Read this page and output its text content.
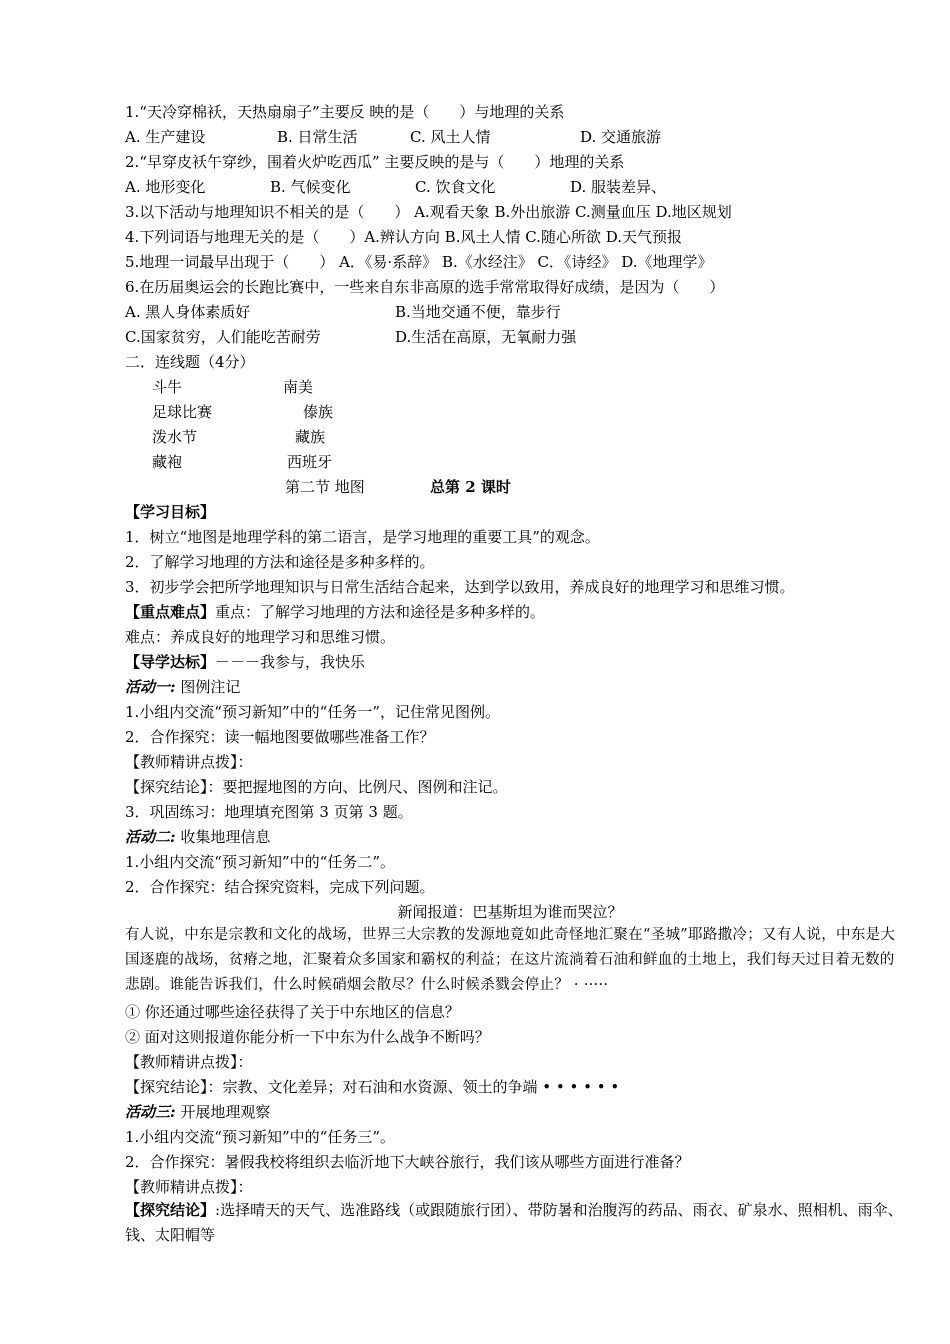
1.“天冷穿棉袄，天热扇扇子”主要反 映的是（　　）与地理的关系
A. 生产建设	B. 日常生活	C. 风土人情	D. 交通旅游
2.“早穿皮袄午穿纱，围着火炉吃西瓜” 主要反映的是与（　　）地理的关系
A. 地形变化	B. 气候变化	C. 饮食文化	D. 服装差异、
3.以下活动与地理知识不相关的是（　　） A.观看天象 B.外出旅游 C.测量血压 D.地区规划
4.下列词语与地理无关的是（　　）A.辨认方向 B.风土人情 C.随心所欲 D.天气预报
5.地理一词最早出现于（　　） A．《易·系辞》 B.《水经注》 C．《诗经》 D.《地理学》
6.在历届奥运会的长跑比赛中，一些来自东非高原的选手常常取得好成绩，是因为（　　）
A. 黑人身体素质好	B.当地交通不便，靠步行
C.国家贫穷，人们能吃苦耐劳	D.生活在高原，无氧耐力强
二．连线题（4分）
斗牛	南美
足球比赛	傣族
泼水节	藏族
藏袍	西班牙
第二节 地图	总第 2 课时
【学习目标】
1．树立“地图是地理学科的第二语言，是学习地理的重要工具”的观念。
2．了解学习地理的方法和途径是多种多样的。
3．初步学会把所学地理知识与日常生活结合起来，达到学以致用，养成良好的地理学习和思维习惯。
【重点难点】重点：了解学习地理的方法和途径是多种多样的。
难点：养成良好的地理学习和思维习惯。
【导学达标】－－－我参与，我快乐
活动一: 图例注记
1.小组内交流“预习新知”中的“任务一”，记住常见图例。
2．合作探究：读一幅地图要做哪些准备工作？
【教师精讲点拨】：
【探究结论】：要把握地图的方向、比例尺、图例和注记。
3．巩固练习：地理填充图第 3 页第 3 题。
活动二: 收集地理信息
1.小组内交流“预习新知”中的“任务二”。
2．合作探究：结合探究资料，完成下列问题。
新闻报道：巴基斯坦为谁而哭泣？
有人说，中东是宗教和文化的战场，世界三大宗教的发源地竟如此奇怪地汇聚在“圣城”耶路撒冷；又有人说，中东是大国逐鹿的战场，贫瘠之地，汇聚着众多国家和霸权的利益；在这片流淌着石油和鲜血的土地上，我们每天过目着无数的悲剧。谁能告诉我们，什么时候硝烟会散尽？什么时候杀戮会停止？ · ·····
① 你还通过哪些途径获得了关于中东地区的信息？
② 面对这则报道你能分析一下中东为什么战争不断吗？
【教师精讲点拨】：
【探究结论】：宗教、文化差异；对石油和水资源、领土的争端 • • • • • •
活动三: 开展地理观察
1.小组内交流“预习新知”中的“任务三”。
2．合作探究：暑假我校将组织去临沂地下大峡谷旅行，我们该从哪些方面进行准备？
【教师精讲点拨】：
【探究结论】:选择晴天的天气、选准路线（或跟随旅行团）、带防暑和治腹泻的药品、雨衣、矿泉水、照相机、雨伞、钱、太阳帽等
